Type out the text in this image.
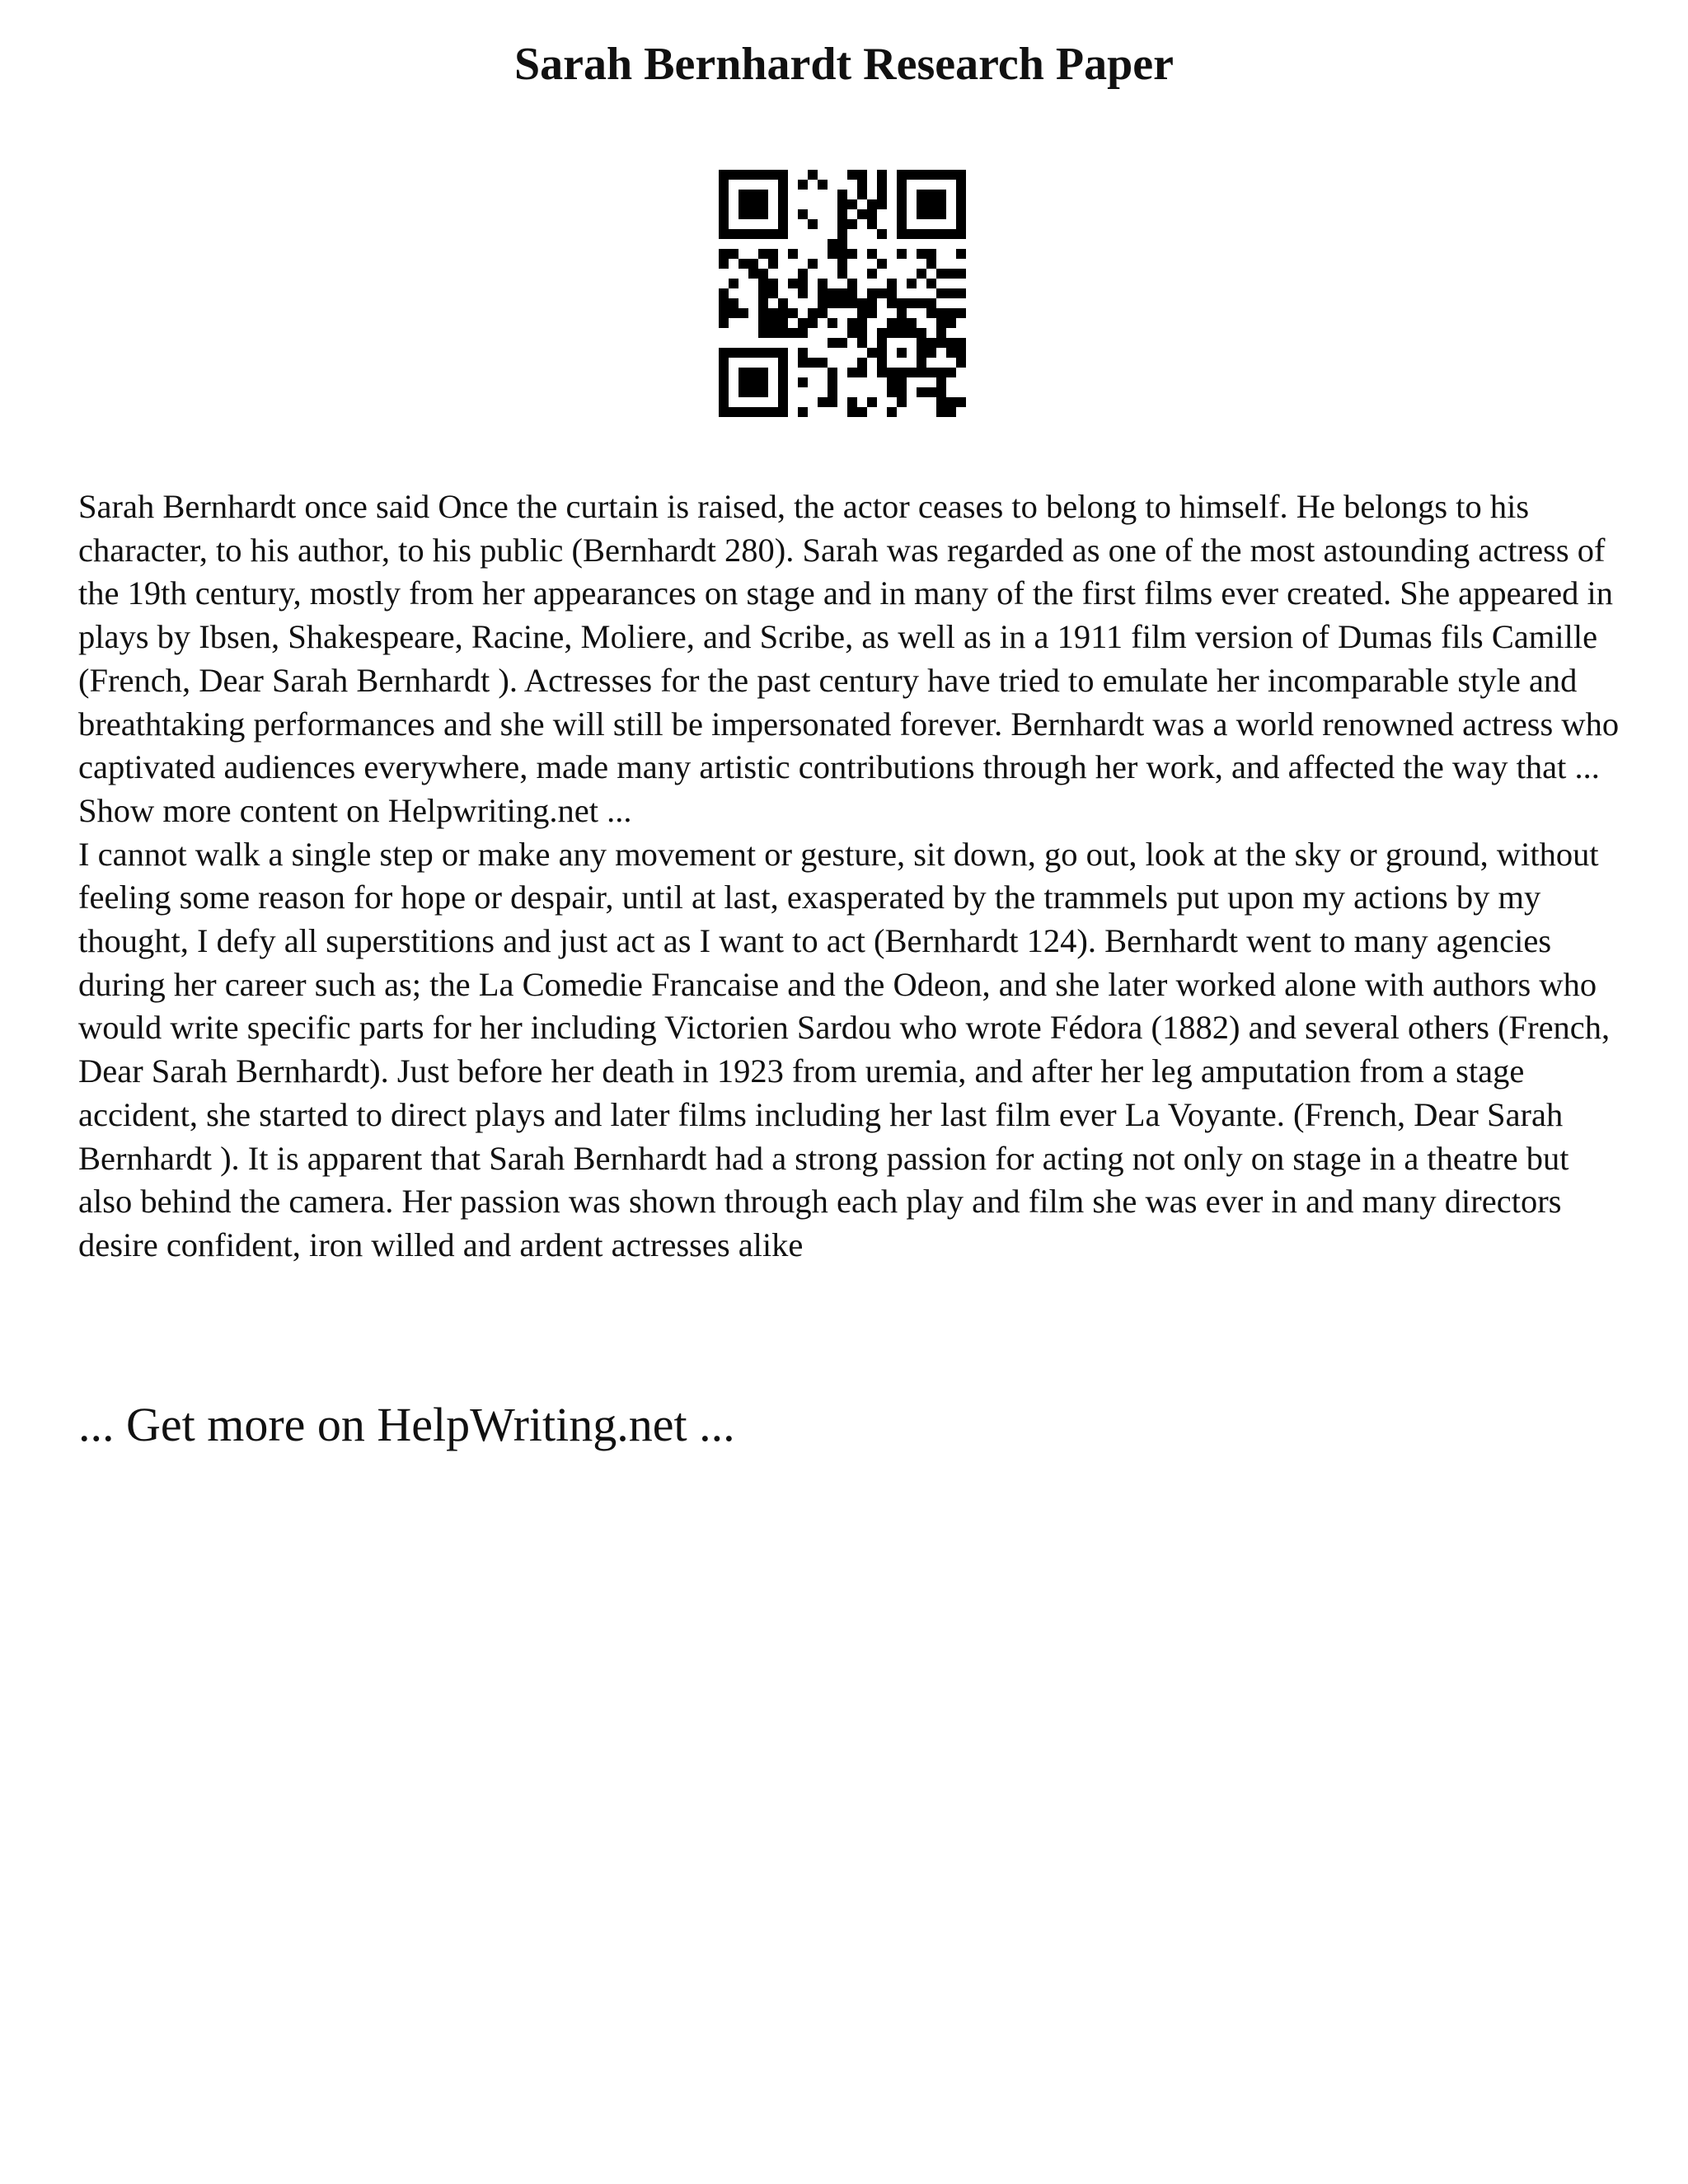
Sarah Bernhardt Research Paper

Sarah Bernhardt once said Once the curtain is raised, the actor ceases to belong to himself. He belongs to his character, to his author, to his public (Bernhardt 280). Sarah was regarded as one of the most astounding actress of the 19th century, mostly from her appearances on stage and in many of the first films ever created. She appeared in plays by Ibsen, Shakespeare, Racine, Moliere, and Scribe, as well as in a 1911 film version of Dumas fils Camille (French, Dear Sarah Bernhardt ). Actresses for the past century have tried to emulate her incomparable style and breathtaking performances and she will still be impersonated forever. Bernhardt was a world renowned actress who captivated audiences everywhere, made many artistic contributions through her work, and affected the way that ... Show more content on Helpwriting.net ...

I cannot walk a single step or make any movement or gesture, sit down, go out, look at the sky or ground, without feeling some reason for hope or despair, until at last, exasperated by the trammels put upon my actions by my thought, I defy all superstitions and just act as I want to act (Bernhardt 124). Bernhardt went to many agencies during her career such as; the La Comedie Francaise and the Odeon, and she later worked alone with authors who would write specific parts for her including Victorien Sardou who wrote Fédora (1882) and several others (French, Dear Sarah Bernhardt). Just before her death in 1923 from uremia, and after her leg amputation from a stage accident, she started to direct plays and later films including her last film ever La Voyante. (French, Dear Sarah Bernhardt ). It is apparent that Sarah Bernhardt had a strong passion for acting not only on stage in a theatre but also behind the camera. Her passion was shown through each play and film she was ever in and many directors desire confident, iron willed and ardent actresses alike

... Get more on HelpWriting.net ...
